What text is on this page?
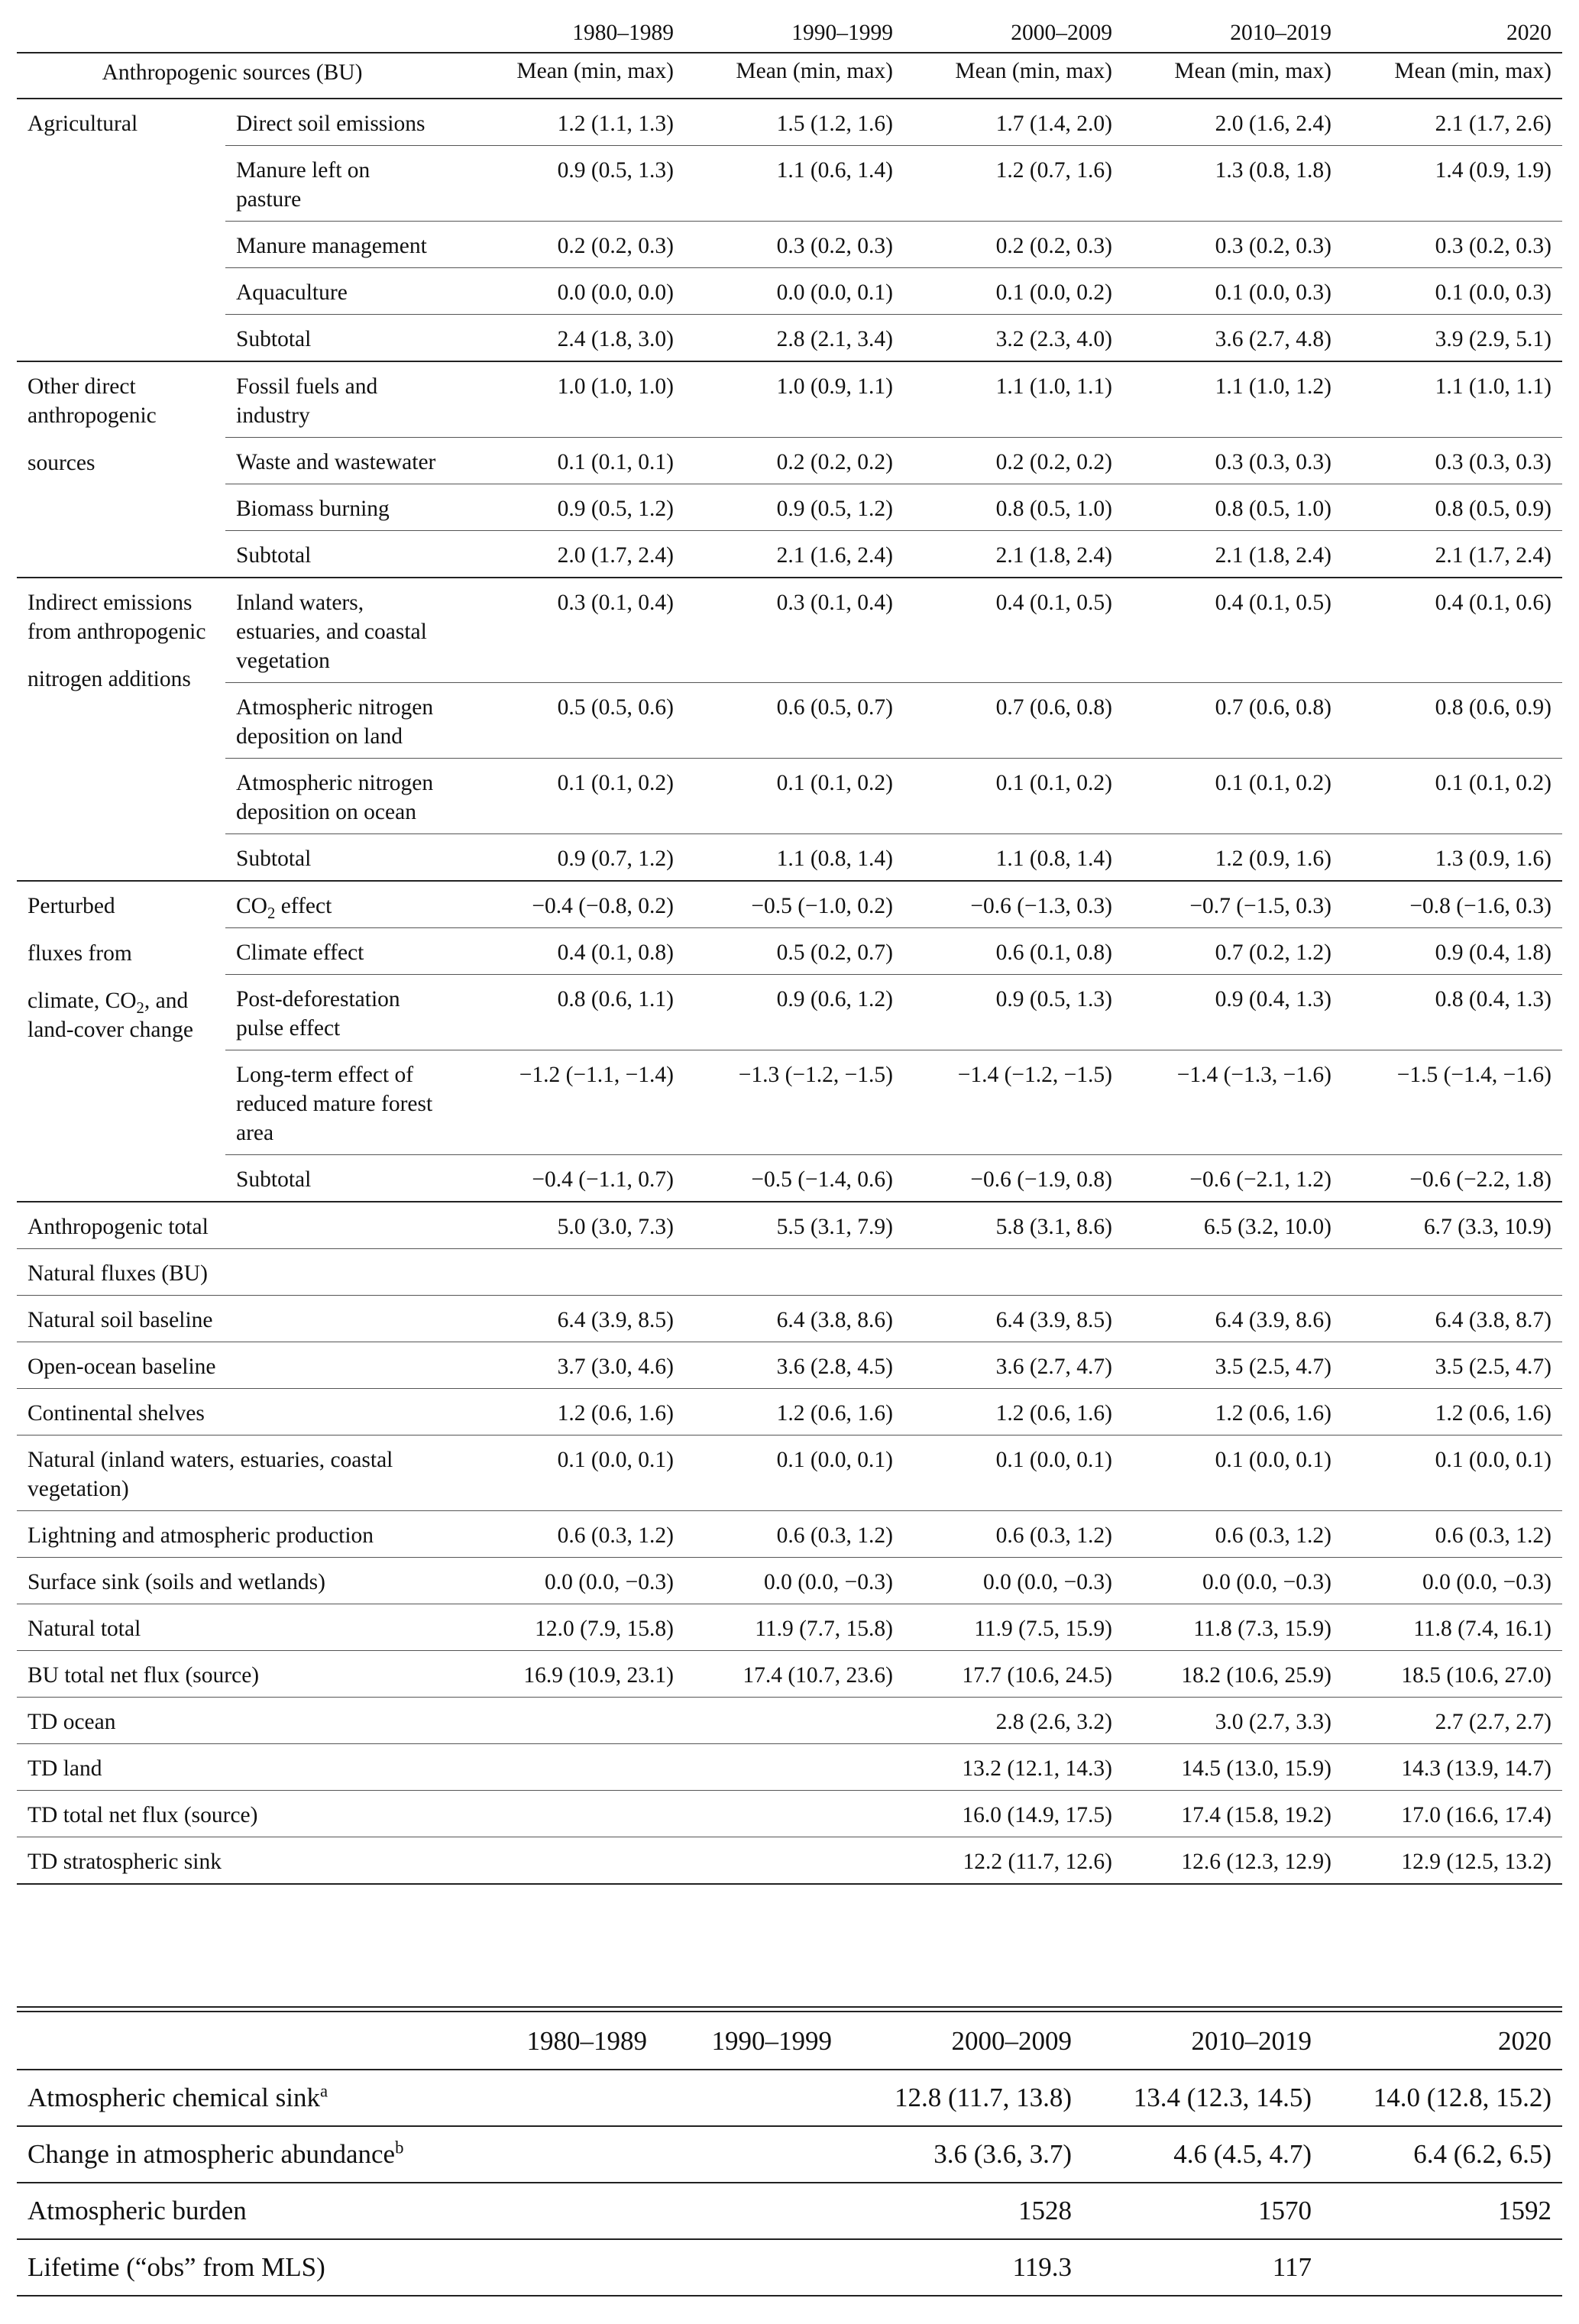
		1980–1989	1990–1999	2000–2009	2010–2019	2020
Anthropogenic sources (BU)		Mean (min, max)	Mean (min, max)	Mean (min, max)	Mean (min, max)	Mean (min, max)
Agricultural	Direct soil emissions	1.2 (1.1, 1.3)	1.5 (1.2, 1.6)	1.7 (1.4, 2.0)	2.0 (1.6, 2.4)	2.1 (1.7, 2.6)
	Manure left on pasture	0.9 (0.5, 1.3)	1.1 (0.6, 1.4)	1.2 (0.7, 1.6)	1.3 (0.8, 1.8)	1.4 (0.9, 1.9)
	Manure management	0.2 (0.2, 0.3)	0.3 (0.2, 0.3)	0.2 (0.2, 0.3)	0.3 (0.2, 0.3)	0.3 (0.2, 0.3)
	Aquaculture	0.0 (0.0, 0.0)	0.0 (0.0, 0.1)	0.1 (0.0, 0.2)	0.1 (0.0, 0.3)	0.1 (0.0, 0.3)
	Subtotal	2.4 (1.8, 3.0)	2.8 (2.1, 3.4)	3.2 (2.3, 4.0)	3.6 (2.7, 4.8)	3.9 (2.9, 5.1)
Other direct anthropogenic
sources	Fossil fuels and industry	1.0 (1.0, 1.0)	1.0 (0.9, 1.1)	1.1 (1.0, 1.1)	1.1 (1.0, 1.2)	1.1 (1.0, 1.1)
	Waste and wastewater	0.1 (0.1, 0.1)	0.2 (0.2, 0.2)	0.2 (0.2, 0.2)	0.3 (0.3, 0.3)	0.3 (0.3, 0.3)
	Biomass burning	0.9 (0.5, 1.2)	0.9 (0.5, 1.2)	0.8 (0.5, 1.0)	0.8 (0.5, 1.0)	0.8 (0.5, 0.9)
	Subtotal	2.0 (1.7, 2.4)	2.1 (1.6, 2.4)	2.1 (1.8, 2.4)	2.1 (1.8, 2.4)	2.1 (1.7, 2.4)
Indirect emissions from anthropogenic
nitrogen additions	Inland waters, estuaries, and coastal vegetation	0.3 (0.1, 0.4)	0.3 (0.1, 0.4)	0.4 (0.1, 0.5)	0.4 (0.1, 0.5)	0.4 (0.1, 0.6)
	Atmospheric nitrogen deposition on land	0.5 (0.5, 0.6)	0.6 (0.5, 0.7)	0.7 (0.6, 0.8)	0.7 (0.6, 0.8)	0.8 (0.6, 0.9)
	Atmospheric nitrogen deposition on ocean	0.1 (0.1, 0.2)	0.1 (0.1, 0.2)	0.1 (0.1, 0.2)	0.1 (0.1, 0.2)	0.1 (0.1, 0.2)
	Subtotal	0.9 (0.7, 1.2)	1.1 (0.8, 1.4)	1.1 (0.8, 1.4)	1.2 (0.9, 1.6)	1.3 (0.9, 1.6)
Perturbed
fluxes from
climate, $CO_2$, and
land-cover change	$CO_2$ effect	−0.4 (−0.8, 0.2)	−0.5 (−1.0, 0.2)	−0.6 (−1.3, 0.3)	−0.7 (−1.5, 0.3)	−0.8 (−1.6, 0.3)
	Climate effect	0.4 (0.1, 0.8)	0.5 (0.2, 0.7)	0.6 (0.1, 0.8)	0.7 (0.2, 1.2)	0.9 (0.4, 1.8)
	Post-deforestation pulse effect	0.8 (0.6, 1.1)	0.9 (0.6, 1.2)	0.9 (0.5, 1.3)	0.9 (0.4, 1.3)	0.8 (0.4, 1.3)
	Long-term effect of reduced mature forest area	−1.2 (−1.1, −1.4)	−1.3 (−1.2, −1.5)	−1.4 (−1.2, −1.5)	−1.4 (−1.3, −1.6)	−1.5 (−1.4, −1.6)
	Subtotal	−0.4 (−1.1, 0.7)	−0.5 (−1.4, 0.6)	−0.6 (−1.9, 0.8)	−0.6 (−2.1, 1.2)	−0.6 (−2.2, 1.8)
Anthropogenic total		5.0 (3.0, 7.3)	5.5 (3.1, 7.9)	5.8 (3.1, 8.6)	6.5 (3.2, 10.0)	6.7 (3.3, 10.9)
Natural fluxes (BU)						
Natural soil baseline		6.4 (3.9, 8.5)	6.4 (3.8, 8.6)	6.4 (3.9, 8.5)	6.4 (3.9, 8.6)	6.4 (3.8, 8.7)
Open-ocean baseline		3.7 (3.0, 4.6)	3.6 (2.8, 4.5)	3.6 (2.7, 4.7)	3.5 (2.5, 4.7)	3.5 (2.5, 4.7)
Continental shelves		1.2 (0.6, 1.6)	1.2 (0.6, 1.6)	1.2 (0.6, 1.6)	1.2 (0.6, 1.6)	1.2 (0.6, 1.6)
Natural (inland waters, estuaries, coastal vegetation)		0.1 (0.0, 0.1)	0.1 (0.0, 0.1)	0.1 (0.0, 0.1)	0.1 (0.0, 0.1)	0.1 (0.0, 0.1)
Lightning and atmospheric production		0.6 (0.3, 1.2)	0.6 (0.3, 1.2)	0.6 (0.3, 1.2)	0.6 (0.3, 1.2)	0.6 (0.3, 1.2)
Surface sink (soils and wetlands)		0.0 (0.0, −0.3)	0.0 (0.0, −0.3)	0.0 (0.0, −0.3)	0.0 (0.0, −0.3)	0.0 (0.0, −0.3)
Natural total		12.0 (7.9, 15.8)	11.9 (7.7, 15.8)	11.9 (7.5, 15.9)	11.8 (7.3, 15.9)	11.8 (7.4, 16.1)
BU total net flux (source)		16.9 (10.9, 23.1)	17.4 (10.7, 23.6)	17.7 (10.6, 24.5)	18.2 (10.6, 25.9)	18.5 (10.6, 27.0)
TD ocean				2.8 (2.6, 3.2)	3.0 (2.7, 3.3)	2.7 (2.7, 2.7)
TD land				13.2 (12.1, 14.3)	14.5 (13.0, 15.9)	14.3 (13.9, 14.7)
TD total net flux (source)				16.0 (14.9, 17.5)	17.4 (15.8, 19.2)	17.0 (16.6, 17.4)
TD stratospheric sink				12.2 (11.7, 12.6)	12.6 (12.3, 12.9)	12.9 (12.5, 13.2)
	1980–1989	1990–1999	2000–2009	2010–2019	2020
Atmospheric chemical sink$^a$			12.8 (11.7, 13.8)	13.4 (12.3, 14.5)	14.0 (12.8, 15.2)
Change in atmospheric abundance$^b$			3.6 (3.6, 3.7)	4.6 (4.5, 4.7)	6.4 (6.2, 6.5)
Atmospheric burden			1528	1570	1592
Lifetime (“obs” from MLS)			119.3	117	
